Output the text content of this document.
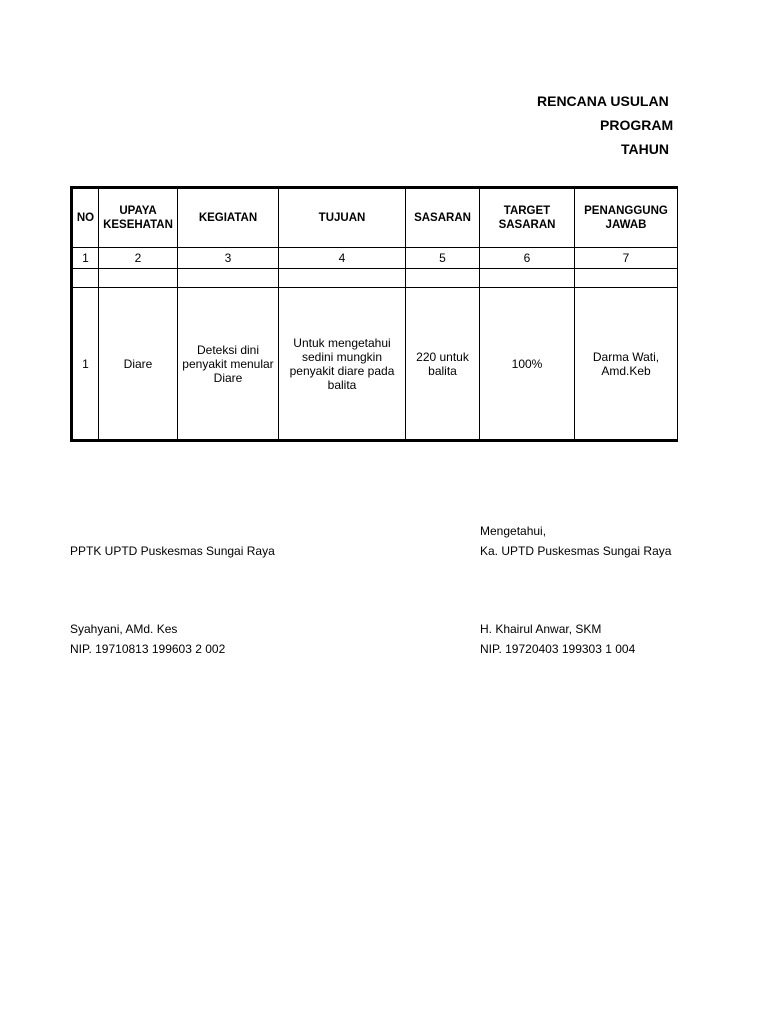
RENCANA USULAN
PROGRAM
TAHUN
NO	UPAYA KESEHATAN	KEGIATAN	TUJUAN	SASARAN	TARGET SASARAN	PENANGGUNG JAWAB
1	2	3	4	5	6	7

1	Diare	Deteksi dini penyakit menular Diare	Untuk mengetahui sedini mungkin penyakit diare pada balita	220 untuk balita	100%	Darma Wati, Amd.Keb
PPTK UPTD Puskesmas Sungai Raya
Syahyani, AMd. Kes
NIP. 19710813 199603 2 002
Mengetahui,
Ka. UPTD Puskesmas Sungai Raya
H. Khairul Anwar, SKM
NIP. 19720403 199303 1 004
